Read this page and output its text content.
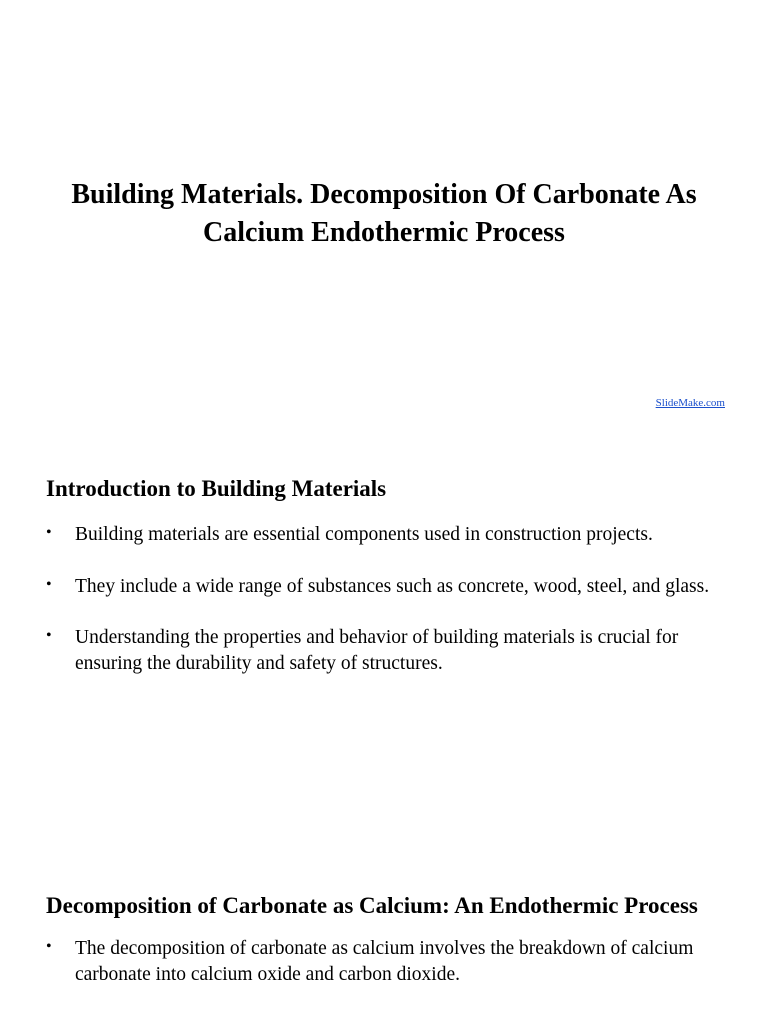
Building Materials. Decomposition Of Carbonate As Calcium Endothermic Process
SlideMake.com
Introduction to Building Materials
• Building materials are essential components used in construction projects.
• They include a wide range of substances such as concrete, wood, steel, and glass.
• Understanding the properties and behavior of building materials is crucial for ensuring the durability and safety of structures.
Decomposition of Carbonate as Calcium: An Endothermic Process
• The decomposition of carbonate as calcium involves the breakdown of calcium carbonate into calcium oxide and carbon dioxide.
